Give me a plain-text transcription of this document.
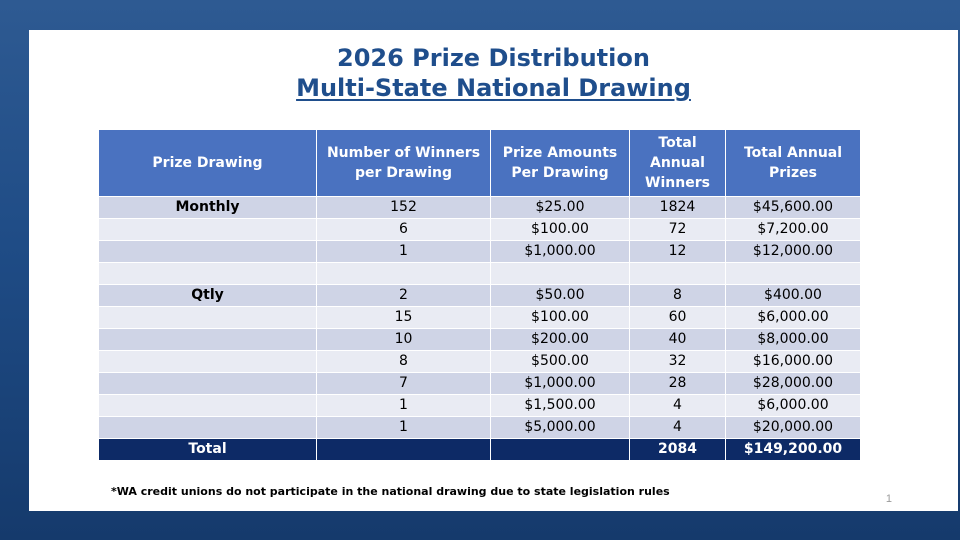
2026 Prize Distribution
Multi-State National Drawing
Prize Drawing	Number of Winners per Drawing	Prize Amounts Per Drawing	Total Annual Winners	Total Annual Prizes
Monthly	152	$25.00	1824	$45,600.00
	6	$100.00	72	$7,200.00
	1	$1,000.00	12	$12,000.00

Qtly	2	$50.00	8	$400.00
	15	$100.00	60	$6,000.00
	10	$200.00	40	$8,000.00
	8	$500.00	32	$16,000.00
	7	$1,000.00	28	$28,000.00
	1	$1,500.00	4	$6,000.00
	1	$5,000.00	4	$20,000.00
Total			2084	$149,200.00
*WA credit unions do not participate in the national drawing due to state legislation rules
1
